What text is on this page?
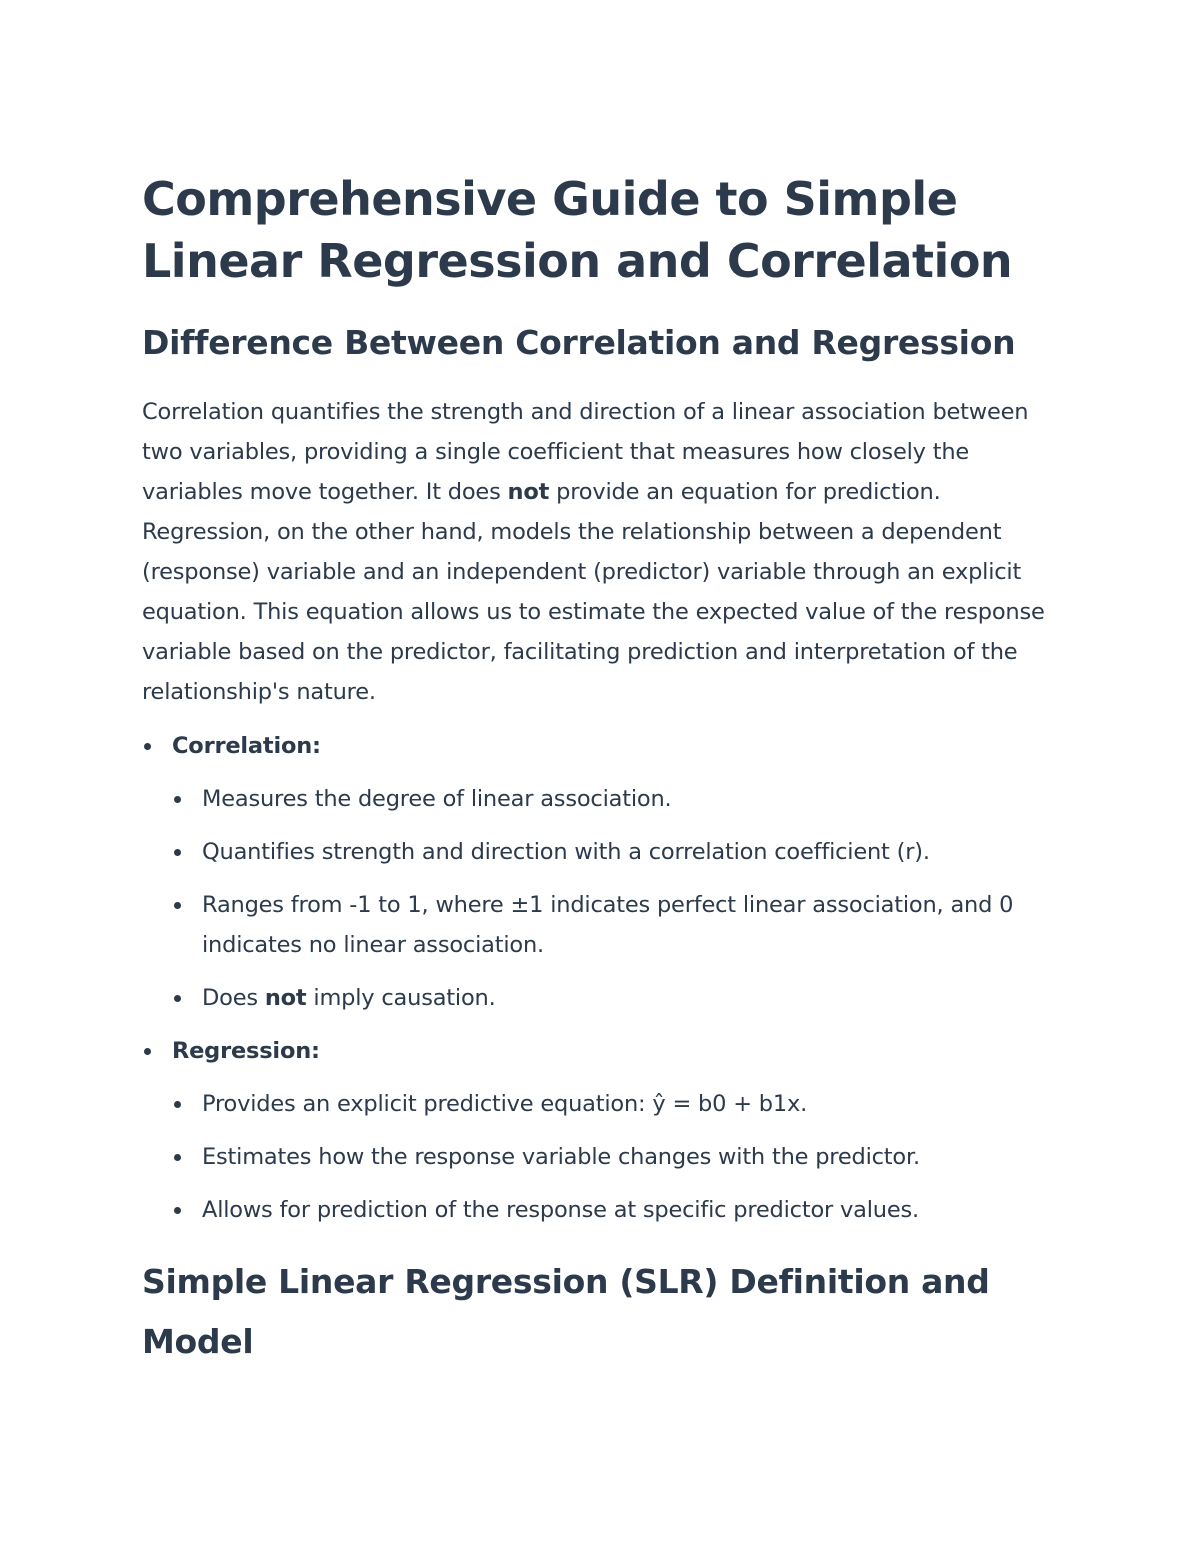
Comprehensive Guide to Simple Linear Regression and Correlation
Difference Between Correlation and Regression

Correlation quantifies the strength and direction of a linear association between two variables, providing a single coefficient that measures how closely the variables move together. It does not provide an equation for prediction. Regression, on the other hand, models the relationship between a dependent (response) variable and an independent (predictor) variable through an explicit equation. This equation allows us to estimate the expected value of the response variable based on the predictor, facilitating prediction and interpretation of the relationship's nature.

Correlation:
Measures the degree of linear association.
Quantifies strength and direction with a correlation coefficient (r).
Ranges from -1 to 1, where ±1 indicates perfect linear association, and 0 indicates no linear association.
Does not imply causation.
Regression:
Provides an explicit predictive equation: ŷ = b0 + b1x.
Estimates how the response variable changes with the predictor.
Allows for prediction of the response at specific predictor values.
Simple Linear Regression (SLR) Definition and Model
